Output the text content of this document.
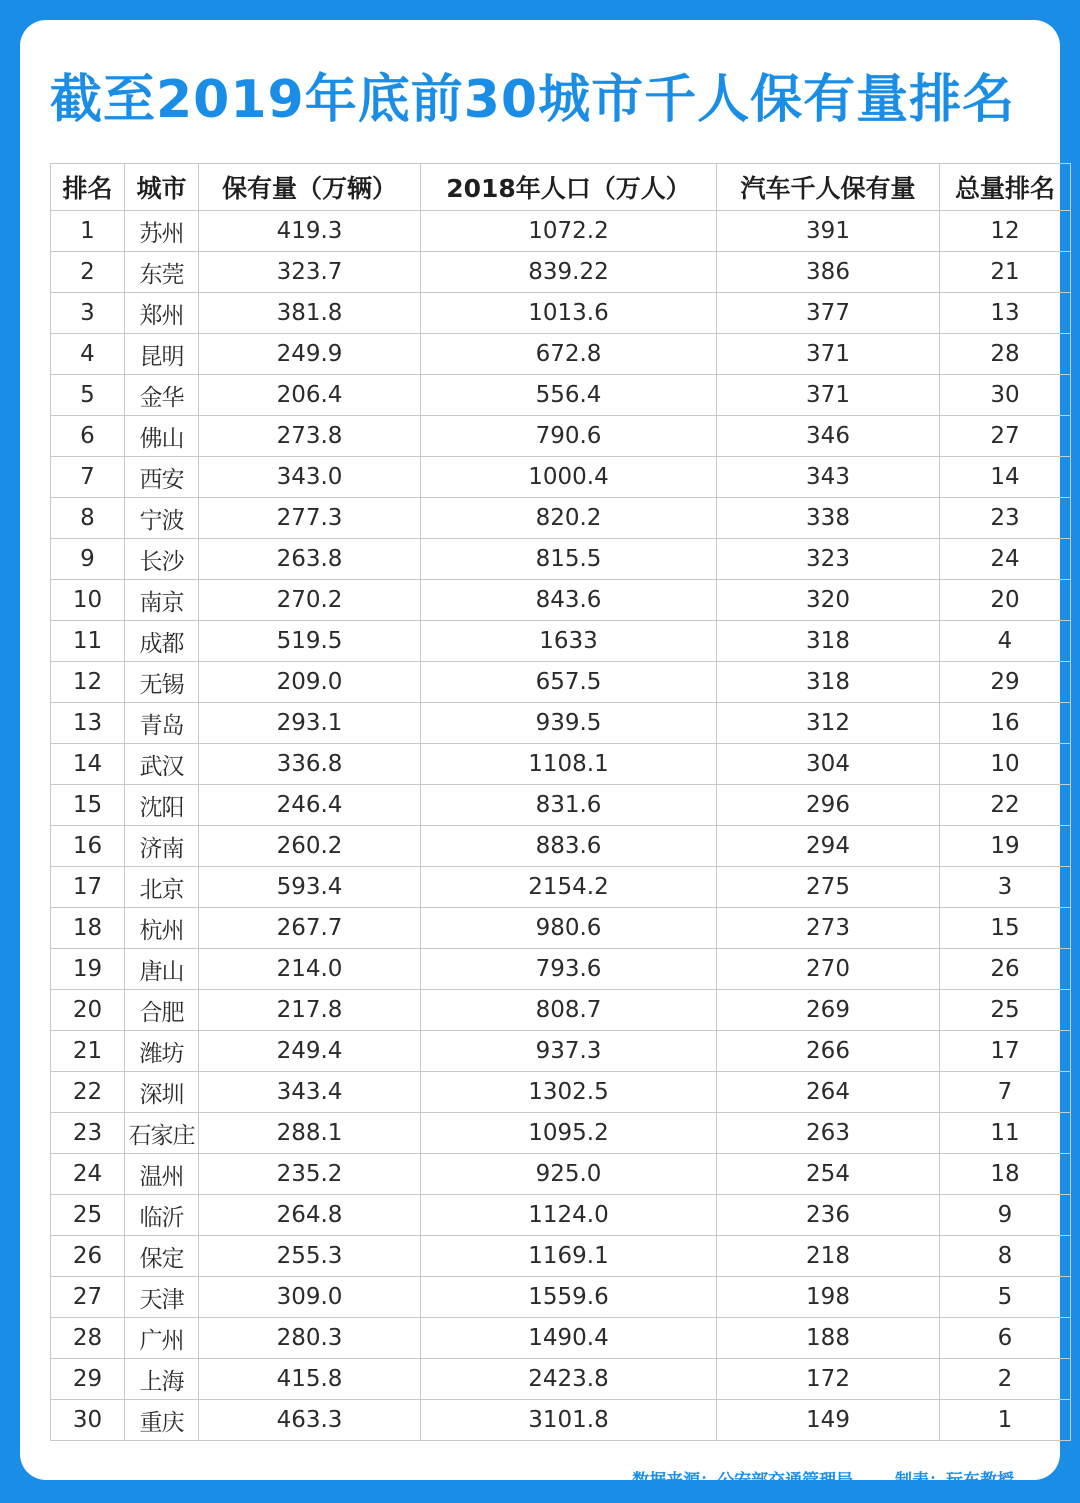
截至2019年底前30城市千人保有量排名
排名	城市	保有量（万辆）	2018年人口（万人）	汽车千人保有量	总量排名
1	苏州	419.3	1072.2	391	12
2	东莞	323.7	839.22	386	21
3	郑州	381.8	1013.6	377	13
4	昆明	249.9	672.8	371	28
5	金华	206.4	556.4	371	30
6	佛山	273.8	790.6	346	27
7	西安	343.0	1000.4	343	14
8	宁波	277.3	820.2	338	23
9	长沙	263.8	815.5	323	24
10	南京	270.2	843.6	320	20
11	成都	519.5	1633	318	4
12	无锡	209.0	657.5	318	29
13	青岛	293.1	939.5	312	16
14	武汉	336.8	1108.1	304	10
15	沈阳	246.4	831.6	296	22
16	济南	260.2	883.6	294	19
17	北京	593.4	2154.2	275	3
18	杭州	267.7	980.6	273	15
19	唐山	214.0	793.6	270	26
20	合肥	217.8	808.7	269	25
21	潍坊	249.4	937.3	266	17
22	深圳	343.4	1302.5	264	7
23	石家庄	288.1	1095.2	263	11
24	温州	235.2	925.0	254	18
25	临沂	264.8	1124.0	236	9
26	保定	255.3	1169.1	218	8
27	天津	309.0	1559.6	198	5
28	广州	280.3	1490.4	188	6
29	上海	415.8	2423.8	172	2
30	重庆	463.3	3101.8	149	1
数据来源：公安部交通管理局 制表：玩车教授
